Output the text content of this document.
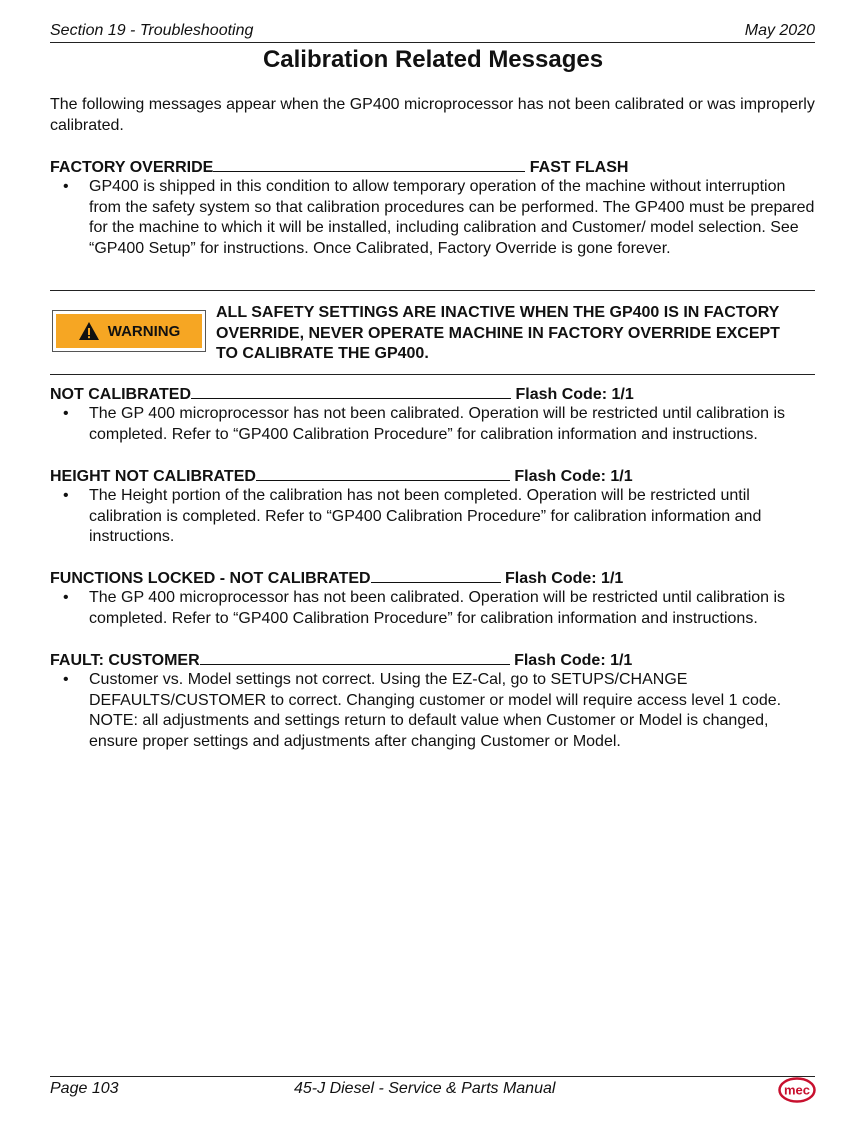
Section 19 - Troubleshooting	May 2020
Calibration Related Messages
The following messages appear when the GP400 microprocessor has not been calibrated or was improperly calibrated.
FACTORY OVERRIDE	FAST FLASH
• GP400 is shipped in this condition to allow temporary operation of the machine without interruption from the safety system so that calibration procedures can be performed. The GP400 must be prepared for the machine to which it will be installed, including calibration and Customer/ model selection. See “GP400 Setup” for instructions. Once Calibrated, Factory Override is gone forever.
WARNING
ALL SAFETY SETTINGS ARE INACTIVE WHEN THE GP400 IS IN FACTORY OVERRIDE, NEVER OPERATE MACHINE IN FACTORY OVERRIDE EXCEPT TO CALIBRATE THE GP400.
NOT CALIBRATED	Flash Code: 1/1
• The GP 400 microprocessor has not been calibrated. Operation will be restricted until calibration is completed. Refer to “GP400 Calibration Procedure” for calibration information and instructions.
HEIGHT NOT CALIBRATED	Flash Code: 1/1
• The Height portion of the calibration has not been completed. Operation will be restricted until calibration is completed. Refer to “GP400 Calibration Procedure” for calibration information and instructions.
FUNCTIONS LOCKED - NOT CALIBRATED	Flash Code: 1/1
• The GP 400 microprocessor has not been calibrated. Operation will be restricted until calibration is completed. Refer to “GP400 Calibration Procedure” for calibration information and instructions.
FAULT: CUSTOMER	Flash Code: 1/1
• Customer vs. Model settings not correct. Using the EZ-Cal, go to SETUPS/CHANGE DEFAULTS/CUSTOMER to correct. Changing customer or model will require access level 1 code. NOTE: all adjustments and settings return to default value when Customer or Model is changed, ensure proper settings and adjustments after changing Customer or Model.
Page 103	45-J Diesel - Service & Parts Manual	mec
